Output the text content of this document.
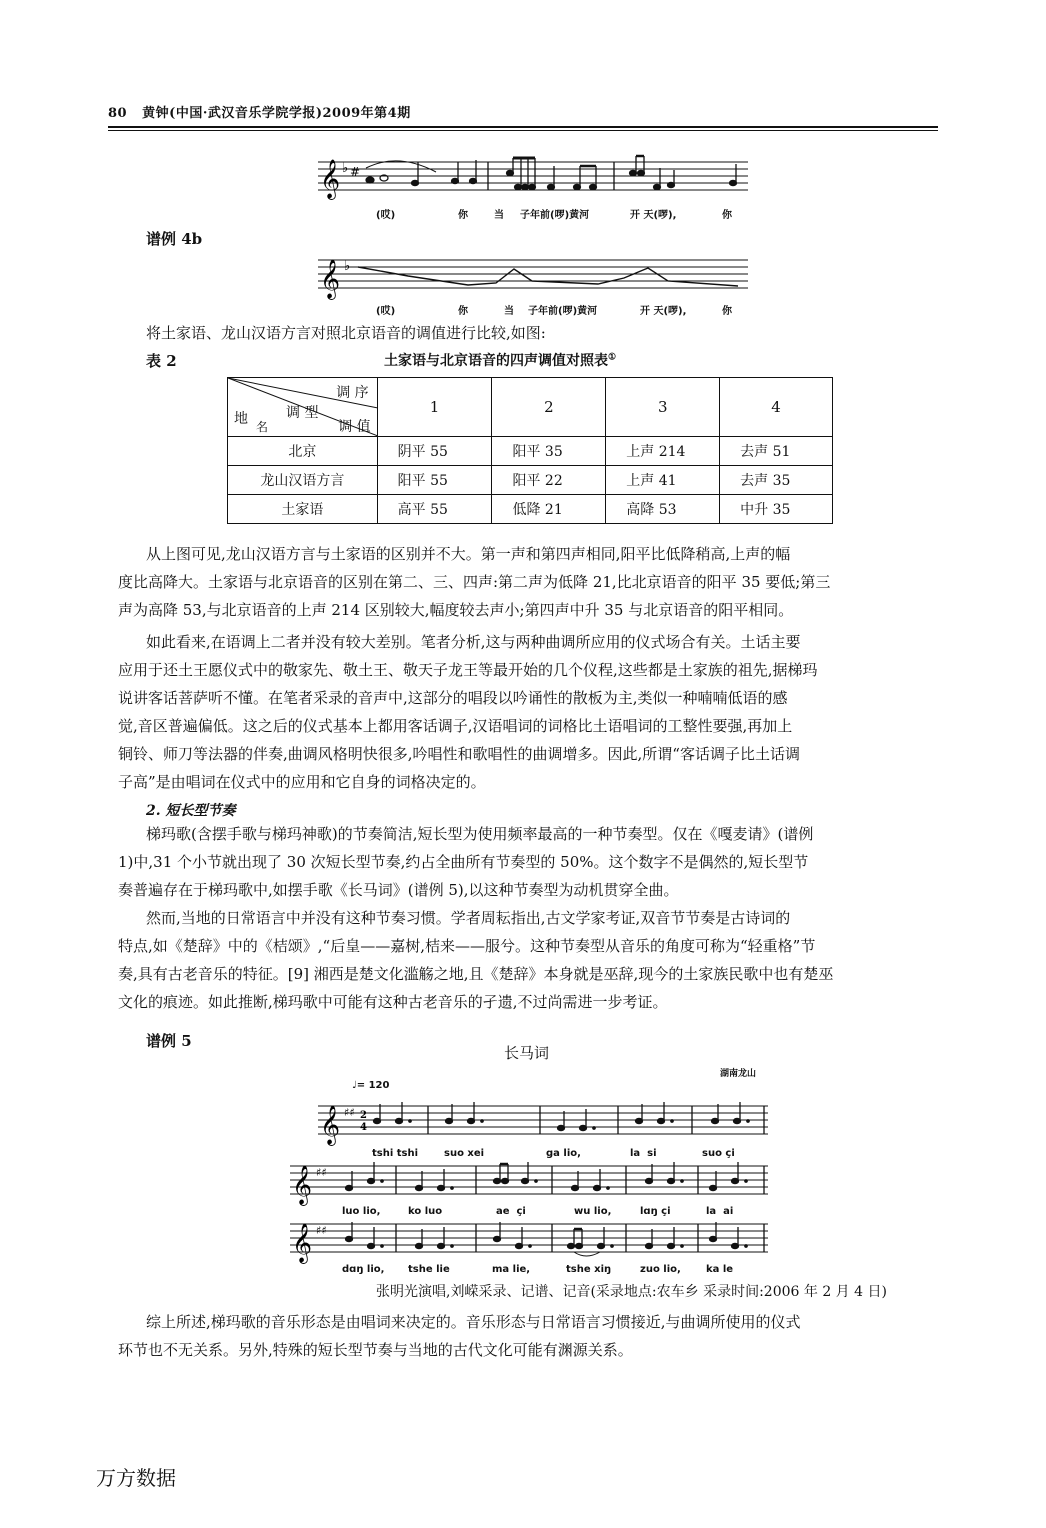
80 黄钟(中国·武汉音乐学院学报)2009年第4期
𝄞 ♭ #
(哎)	你	当 子年前(啰)黄河	开 天(啰),	你
谱例 4b
𝄞 ♭
(哎)	你	当 子年前(啰)黄河	开 天(啰),	你
将土家语、龙山汉语方言对照北京语音的调值进行比较,如图:
表 2	土家语与北京语音的四声调值对照表①
调 序
调 型
调 值
地 名	1	2	3	4
北京	阴平 55	阳平 35	上声 214	去声 51
龙山汉语方言	阳平 55	阳平 22	上声 41	去声 35
土家语	高平 55	低降 21	高降 53	中升 35
从上图可见,龙山汉语方言与土家语的区别并不大。第一声和第四声相同,阳平比低降稍高,上声的幅
度比高降大。土家语与北京语音的区别在第二、三、四声:第二声为低降 21,比北京语音的阳平 35 要低;第三
声为高降 53,与北京语音的上声 214 区别较大,幅度较去声小;第四声中升 35 与北京语音的阳平相同。
如此看来,在语调上二者并没有较大差别。笔者分析,这与两种曲调所应用的仪式场合有关。土话主要
应用于还土王愿仪式中的敬家先、敬土王、敬天子龙王等最开始的几个仪程,这些都是土家族的祖先,据梯玛
说讲客话菩萨听不懂。在笔者采录的音声中,这部分的唱段以吟诵性的散板为主,类似一种喃喃低语的感
觉,音区普遍偏低。这之后的仪式基本上都用客话调子,汉语唱词的词格比土语唱词的工整性要强,再加上
铜铃、师刀等法器的伴奏,曲调风格明快很多,吟唱性和歌唱性的曲调增多。因此,所谓“客话调子比土话调
子高”是由唱词在仪式中的应用和它自身的词格决定的。
2. 短长型节奏
梯玛歌(含摆手歌与梯玛神歌)的节奏简洁,短长型为使用频率最高的一种节奏型。仅在《嘎麦请》(谱例
1)中,31 个小节就出现了 30 次短长型节奏,约占全曲所有节奏型的 50%。这个数字不是偶然的,短长型节
奏普遍存在于梯玛歌中,如摆手歌《长马词》(谱例 5),以这种节奏型为动机贯穿全曲。
然而,当地的日常语言中并没有这种节奏习惯。学者周耘指出,古文学家考证,双音节节奏是古诗词的
特点,如《楚辞》中的《桔颂》,“后皇——嘉树,桔来——服兮。这种节奏型从音乐的角度可称为“轻重格”节
奏,具有古老音乐的特征。[9] 湘西是楚文化滥觞之地,且《楚辞》本身就是巫辞,现今的土家族民歌中也有楚巫
文化的痕迹。如此推断,梯玛歌中可能有这种古老音乐的孑遗,不过尚需进一步考证。
谱例 5
长马词
湖南龙山
♩= 120
𝄞 ♯♯ 2
4
tshi tshi	suo xei	ga lio,	la  si	suo çi
𝄞 ♯♯
luo lio,	ko luo	ae  çi	wu lio,	lɑŋ çi	la  ai
𝄞 ♯♯
dɑŋ lio, tshe lie	ma lie,	tshe xiŋ	zuo lio,	ka le
张明光演唱,刘嵘采录、记谱、记音(采录地点:农车乡 采录时间:2006 年 2 月 4 日)
综上所述,梯玛歌的音乐形态是由唱词来决定的。音乐形态与日常语言习惯接近,与曲调所使用的仪式
环节也不无关系。另外,特殊的短长型节奏与当地的古代文化可能有渊源关系。
万方数据
